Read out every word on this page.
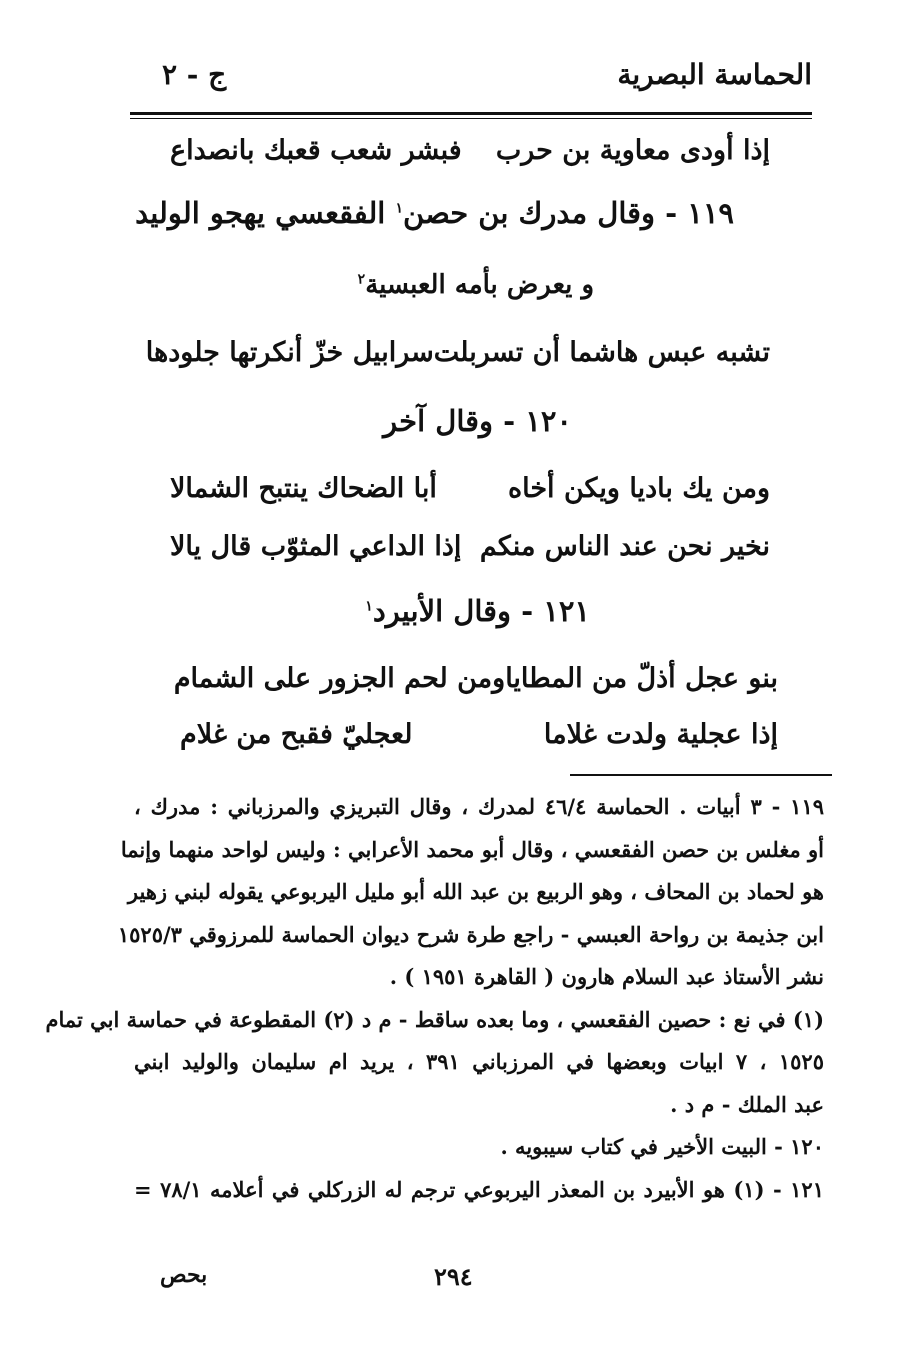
الحماسة البصرية
ج - ٢
إذا أودى معاوية بن حرب
فبشر شعب قعبك بانصداع
١١٩ - وقال مدرك بن حصن$^١$ الفقعسي يهجو الوليد
و يعرض بأمه العبسية$^٢$
تشبه عبس هاشما أن تسربلت
سرابيل خزّ أنكرتها جلودها
١٢٠ - وقال آخر
ومن يك باديا ويكن أخاه
أبا الضحاك ينتبح الشمالا
نخير نحن عند الناس منكم
إذا الداعي المثوّب قال يالا
١٢١ - وقال الأبيرد$^١$
بنو عجل أذلّ من المطايا
ومن لحم الجزور على الشمام
إذا عجلية ولدت غلاما
لعجليّ فقبح من غلام
١١٩ - ٣ أبيات . الحماسة ٤٦/٤ لمدرك ، وقال التبريزي والمرزباني : مدرك ،
أو مغلس بن حصن الفقعسي ، وقال أبو محمد الأعرابي : وليس لواحد منهما وإنما
هو لحماد بن المحاف ، وهو الربيع بن عبد الله أبو مليل اليربوعي يقوله لبني زهير
ابن جذيمة بن رواحة العبسي - راجع طرة شرح ديوان الحماسة للمرزوقي ١٥٢٥/٣
نشر الأستاذ عبد السلام هارون ( القاهرة ١٩٥١ ) .
(١) في نع : حصين الفقعسي ، وما بعده ساقط - م د (٢) المقطوعة في حماسة ابي تمام
١٥٢٥ ، ٧ ابيات وبعضها في المرزباني ٣٩١ ، يريد ام سليمان والوليد ابني
عبد الملك - م د .
١٢٠ - البيت الأخير في كتاب سيبويه .
١٢١ - (١) هو الأبيرد بن المعذر اليربوعي ترجم له الزركلي في أعلامه ٧٨/١ =
٢٩٤
بحص
